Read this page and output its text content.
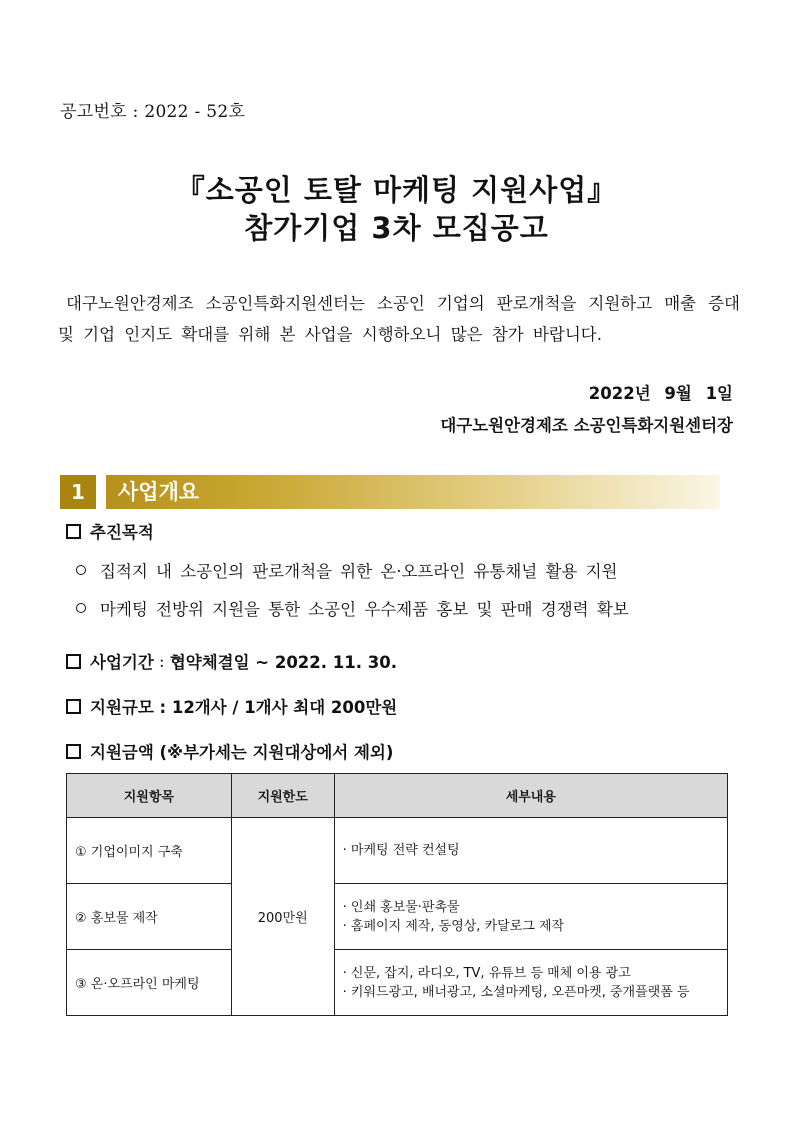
공고번호 : 2022 - 52호
『소공인 토탈 마케팅 지원사업』
참가기업 3차 모집공고

대구노원안경제조 소공인특화지원센터는 소공인 기업의 판로개척을 지원하고 매출 증대 및 기업 인지도 확대를 위해 본 사업을 시행하오니 많은 참가 바랍니다.

2022년 9월 1일
대구노원안경제조 소공인특화지원센터장
1	사업개요
추진목적
집적지 내 소공인의 판로개척을 위한 온·오프라인 유통채널 활용 지원
마케팅 전방위 지원을 통한 소공인 우수제품 홍보 및 판매 경쟁력 확보
사업기간 : 협약체결일 ~ 2022. 11. 30.
지원규모 : 12개사 / 1개사 최대 200만원
지원금액 (※부가세는 지원대상에서 제외)
지원항목	지원한도	세부내용
① 기업이미지 구축	200만원	· 마케팅 전략 컨설팅

② 홍보물 제작		· 인쇄 홍보물·판촉물
· 홈페이지 제작, 동영상, 카달로그 제작

③ 온·오프라인 마케팅		· 신문, 잡지, 라디오, TV, 유튜브 등 매체 이용 광고
· 키워드광고, 배너광고, 소셜마케팅, 오픈마켓, 중개플랫폼 등
